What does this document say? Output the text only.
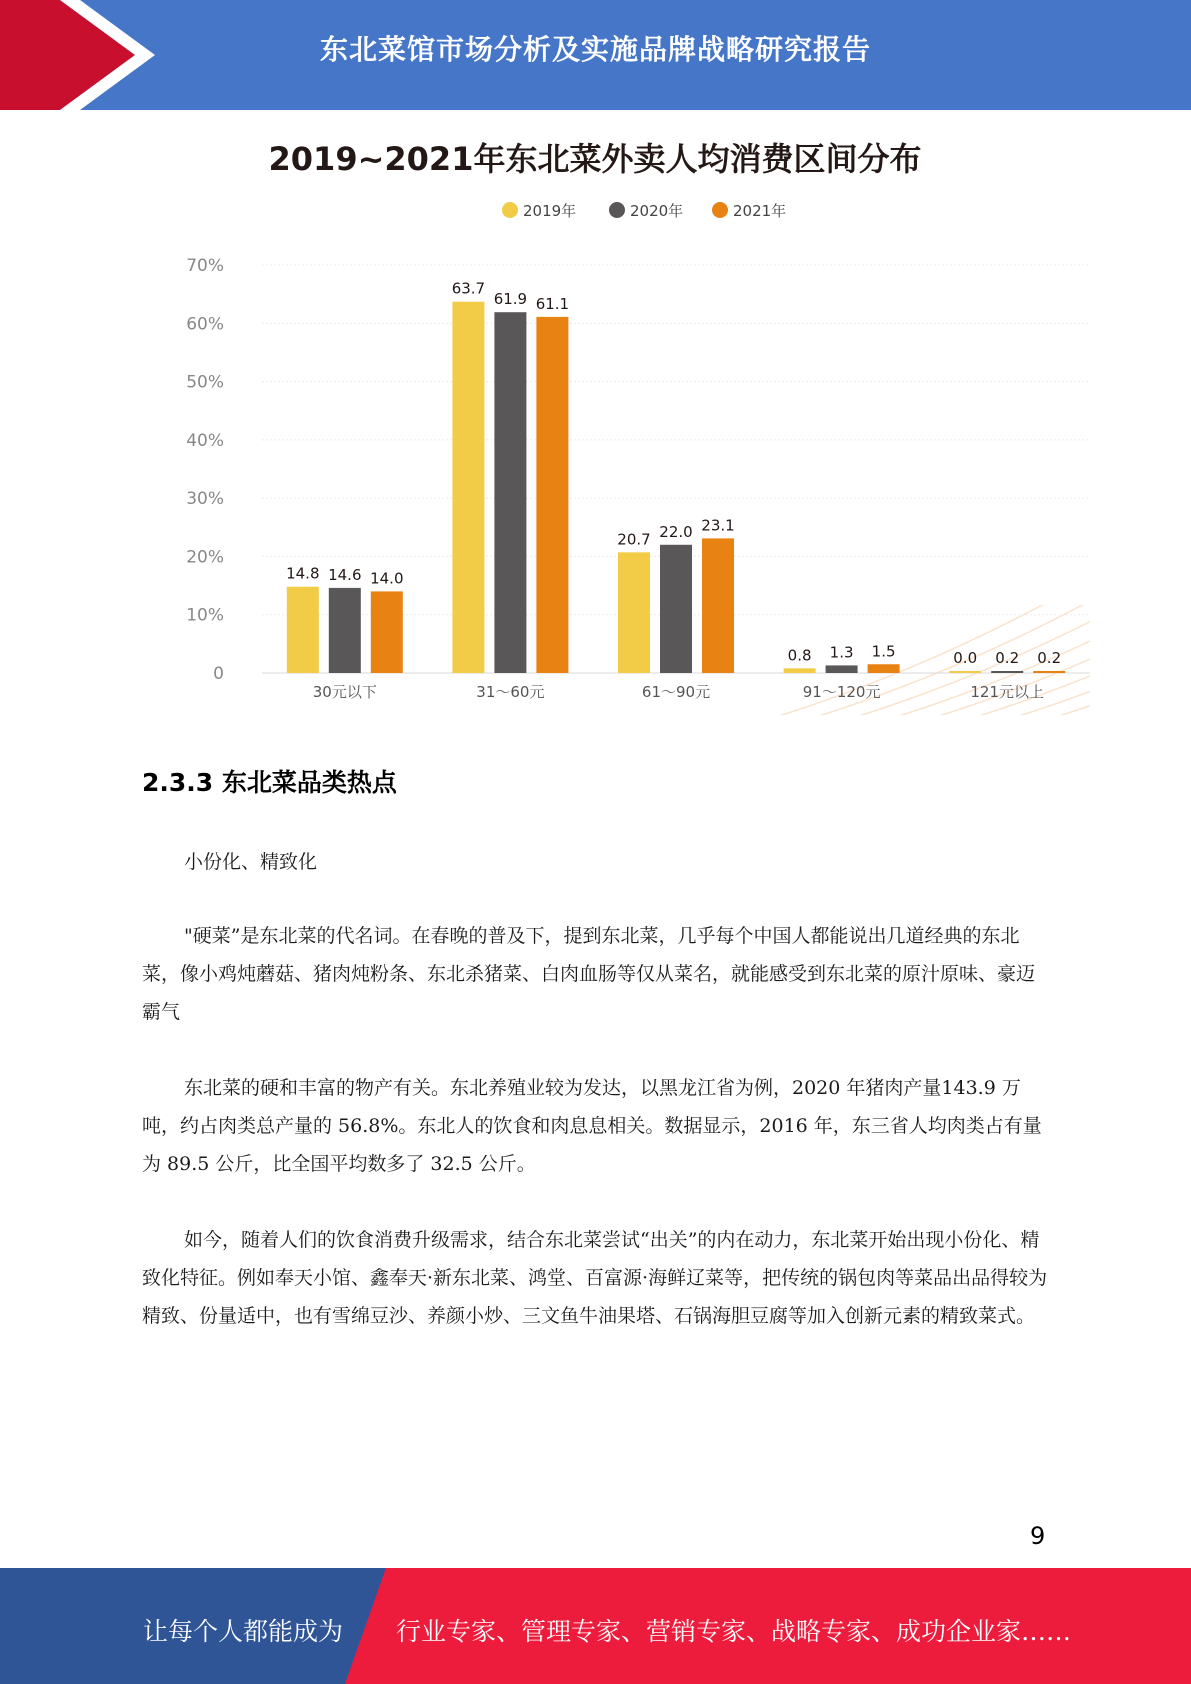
东北菜馆市场分析及实施品牌战略研究报告
2019~2021年东北菜外卖人均消费区间分布
2019年	2020年	2021年
0
10%
20%
30%
40%
50%
60%
70%
14.8 14.6 14.0
63.7
61.9 61.1
20.7 22.0 23.1
0.8 1.3 1.5	0.0 0.2 0.2
30元以下	31～60元	61～90元	91～120元	121元以上
2.3.3 东北菜品类热点
小份化、精致化

"硬菜”是东北菜的代名词。在春晚的普及下，提到东北菜，几乎每个中国人都能说出几道经典的东北菜，像小鸡炖蘑菇、猪肉炖粉条、东北杀猪菜、白肉血肠等仅从菜名，就能感受到东北菜的原汁原味、豪迈霸气

东北菜的硬和丰富的物产有关。东北养殖业较为发达，以黑龙江省为例，2020 年猪肉产量143.9 万吨，约占肉类总产量的 56.8%。东北人的饮食和肉息息相关。数据显示，2016 年，东三省人均肉类占有量为 89.5 公斤，比全国平均数多了 32.5 公斤。

如今，随着人们的饮食消费升级需求，结合东北菜尝试“出关”的内在动力，东北菜开始出现小份化、精致化特征。例如奉天小馆、鑫奉天·新东北菜、鸿堂、百富源·海鲜辽菜等，把传统的锅包肉等菜品出品得较为精致、份量适中，也有雪绵豆沙、养颜小炒、三文鱼牛油果塔、石锅海胆豆腐等加入创新元素的精致菜式。

9
让每个人都能成为 行业专家、管理专家、营销专家、战略专家、成功企业家……
